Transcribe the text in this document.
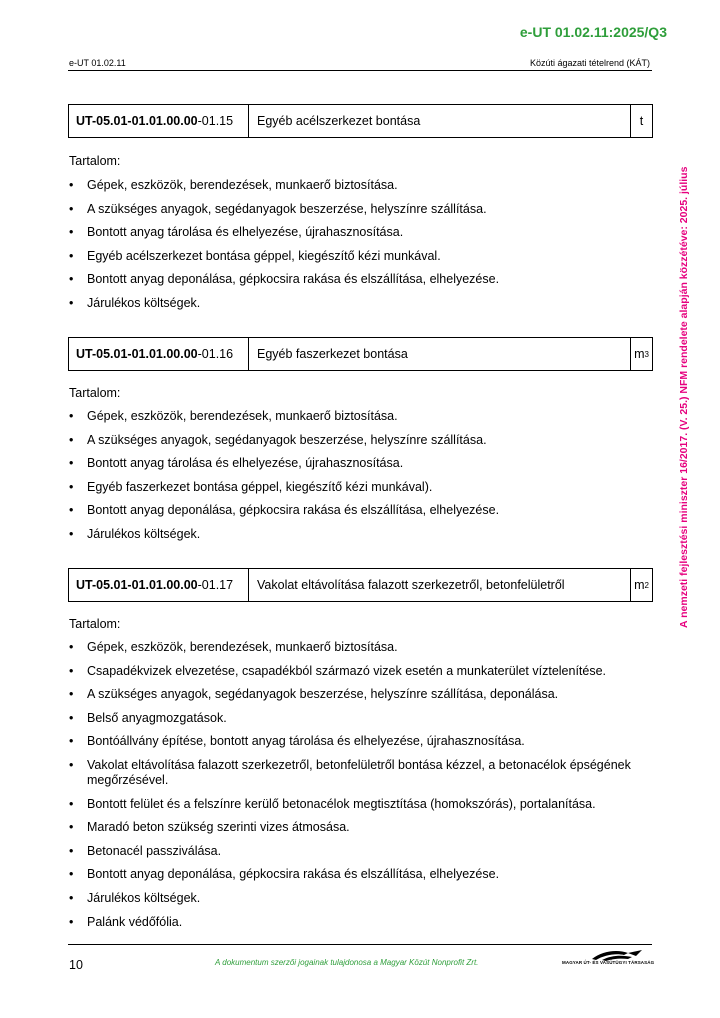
e-UT 01.02.11:2025/Q3
e-UT 01.02.11	Közúti ágazati tételrend (KÁT)
A nemzeti fejlesztési miniszter 16/2017. (V. 25.) NFM rendelete alapján közzétéve: 2025. július
UT-05.01-01.01.00.00 -01.15	Egyéb acélszerkezet bontása	t
Tartalom:
• Gépek, eszközök, berendezések, munkaerő biztosítása.
• A szükséges anyagok, segédanyagok beszerzése, helyszínre szállítása.
• Bontott anyag tárolása és elhelyezése, újrahasznosítása.
• Egyéb acélszerkezet bontása géppel, kiegészítő kézi munkával.
• Bontott anyag deponálása, gépkocsira rakása és elszállítása, elhelyezése.
• Járulékos költségek.
UT-05.01-01.01.00.00 -01.16	Egyéb faszerkezet bontása	m 3
Tartalom:
• Gépek, eszközök, berendezések, munkaerő biztosítása.
• A szükséges anyagok, segédanyagok beszerzése, helyszínre szállítása.
• Bontott anyag tárolása és elhelyezése, újrahasznosítása.
• Egyéb faszerkezet bontása géppel, kiegészítő kézi munkával).
• Bontott anyag deponálása, gépkocsira rakása és elszállítása, elhelyezése.
• Járulékos költségek.
UT-05.01-01.01.00.00 -01.17	Vakolat eltávolítása falazott szerkezetről, betonfelületről	m 2
Tartalom:
• Gépek, eszközök, berendezések, munkaerő biztosítása.
• Csapadékvizek elvezetése, csapadékból származó vizek esetén a munkaterület víztelenítése.
• A szükséges anyagok, segédanyagok beszerzése, helyszínre szállítása, deponálása.
• Belső anyagmozgatások.
• Bontóállvány építése, bontott anyag tárolása és elhelyezése, újrahasznosítása.
• Vakolat eltávolítása falazott szerkezetről, betonfelületről bontása kézzel, a betonacélok épségének megőrzésével.
• Bontott felület és a felszínre kerülő betonacélok megtisztítása (homokszórás), portalanítása.
• Maradó beton szükség szerinti vizes átmosása.
• Betonacél passziválása.
• Bontott anyag deponálása, gépkocsira rakása és elszállítása, elhelyezése.
• Járulékos költségek.
• Palánk védőfólia.
10	A dokumentum szerzői jogainak tulajdonosa a Magyar Közút Nonprofit Zrt.	MAGYAR ÚT- ÉS VASÚTÜGYI TÁRSASÁG
